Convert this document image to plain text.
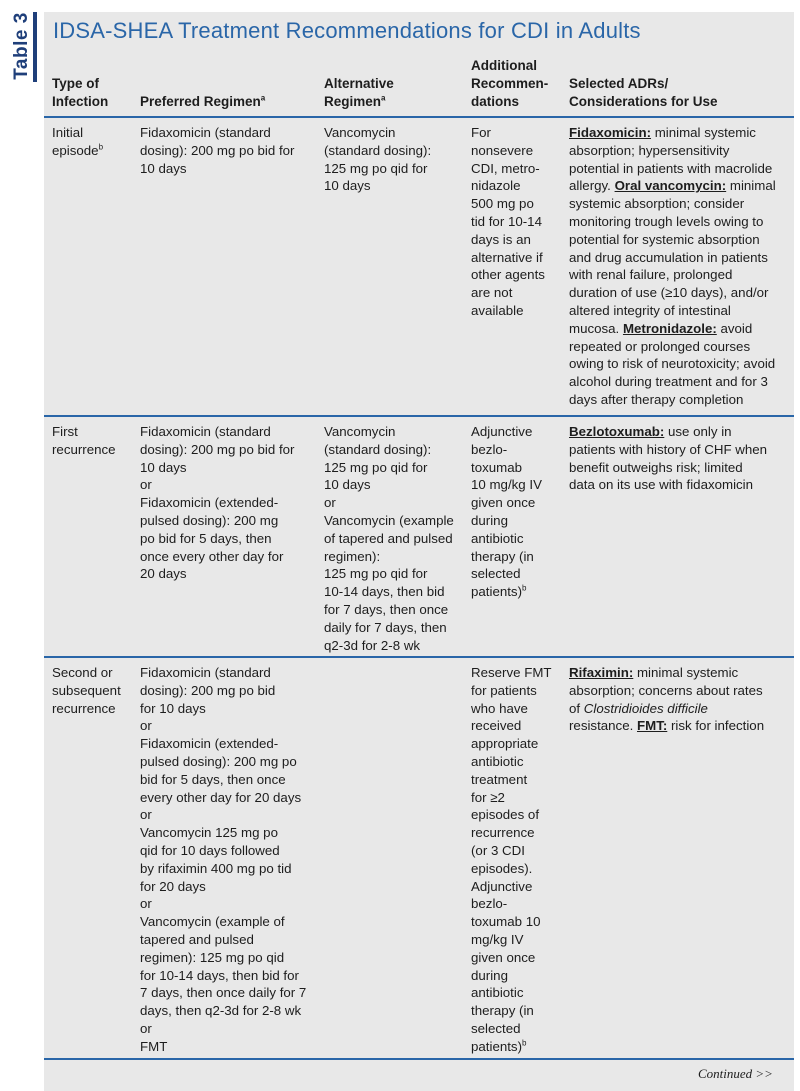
Table 3 IDSA-SHEA Treatment Recommendations for CDI in Adults
Type of
Infection Preferred Regimen$^a$
Alternative
Regimen$^a$
Additional
Recommen-
dations
Selected ADRs/
Considerations for Use
Initial
episode$^b$
Fidaxomicin (standard
dosing): 200 mg po bid for
10 days
Vancomycin
(standard dosing):
125 mg po qid for
10 days
For
nonsevere
CDI, metro-
nidazole
500 mg po
tid for 10-14
days is an
alternative if
other agents
are not
available
Fidaxomicin: minimal systemic
absorption; hypersensitivity
potential in patients with macrolide
allergy. Oral vancomycin: minimal
systemic absorption; consider
monitoring trough levels owing to
potential for systemic absorption
and drug accumulation in patients
with renal failure, prolonged
duration of use (≥10 days), and/or
altered integrity of intestinal
mucosa. Metronidazole: avoid
repeated or prolonged courses
owing to risk of neurotoxicity; avoid
alcohol during treatment and for 3
days after therapy completion
First
recurrence
Fidaxomicin (standard
dosing): 200 mg po bid for
10 days
or
Fidaxomicin (extended-
pulsed dosing): 200 mg
po bid for 5 days, then
once every other day for
20 days
Vancomycin
(standard dosing):
125 mg po qid for
10 days
or
Vancomycin (example
of tapered and pulsed
regimen):
125 mg po qid for
10-14 days, then bid
for 7 days, then once
daily for 7 days, then
q2-3d for 2-8 wk
Adjunctive
bezlo-
toxumab
10 mg/kg IV
given once
during
antibiotic
therapy (in
selected
patients)$^b$
Bezlotoxumab: use only in
patients with history of CHF when
benefit outweighs risk; limited
data on its use with fidaxomicin
Second or
subsequent
recurrence
Fidaxomicin (standard
dosing): 200 mg po bid
for 10 days
or
Fidaxomicin (extended-
pulsed dosing): 200 mg po
bid for 5 days, then once
every other day for 20 days
or
Vancomycin 125 mg po
qid for 10 days followed
by rifaximin 400 mg po tid
for 20 days
or
Vancomycin (example of
tapered and pulsed
regimen): 125 mg po qid
for 10-14 days, then bid for
7 days, then once daily for 7
days, then q2-3d for 2-8 wk
or
FMT
Reserve FMT
for patients
who have
received
appropriate
antibiotic
treatment
for ≥2
episodes of
recurrence
(or 3 CDI
episodes).
Adjunctive
bezlo-
toxumab 10
mg/kg IV
given once
during
antibiotic
therapy (in
selected
patients)$^b$
Rifaximin: minimal systemic
absorption; concerns about rates
of Clostridioides difficile
resistance. FMT: risk for infection
Continued >>
